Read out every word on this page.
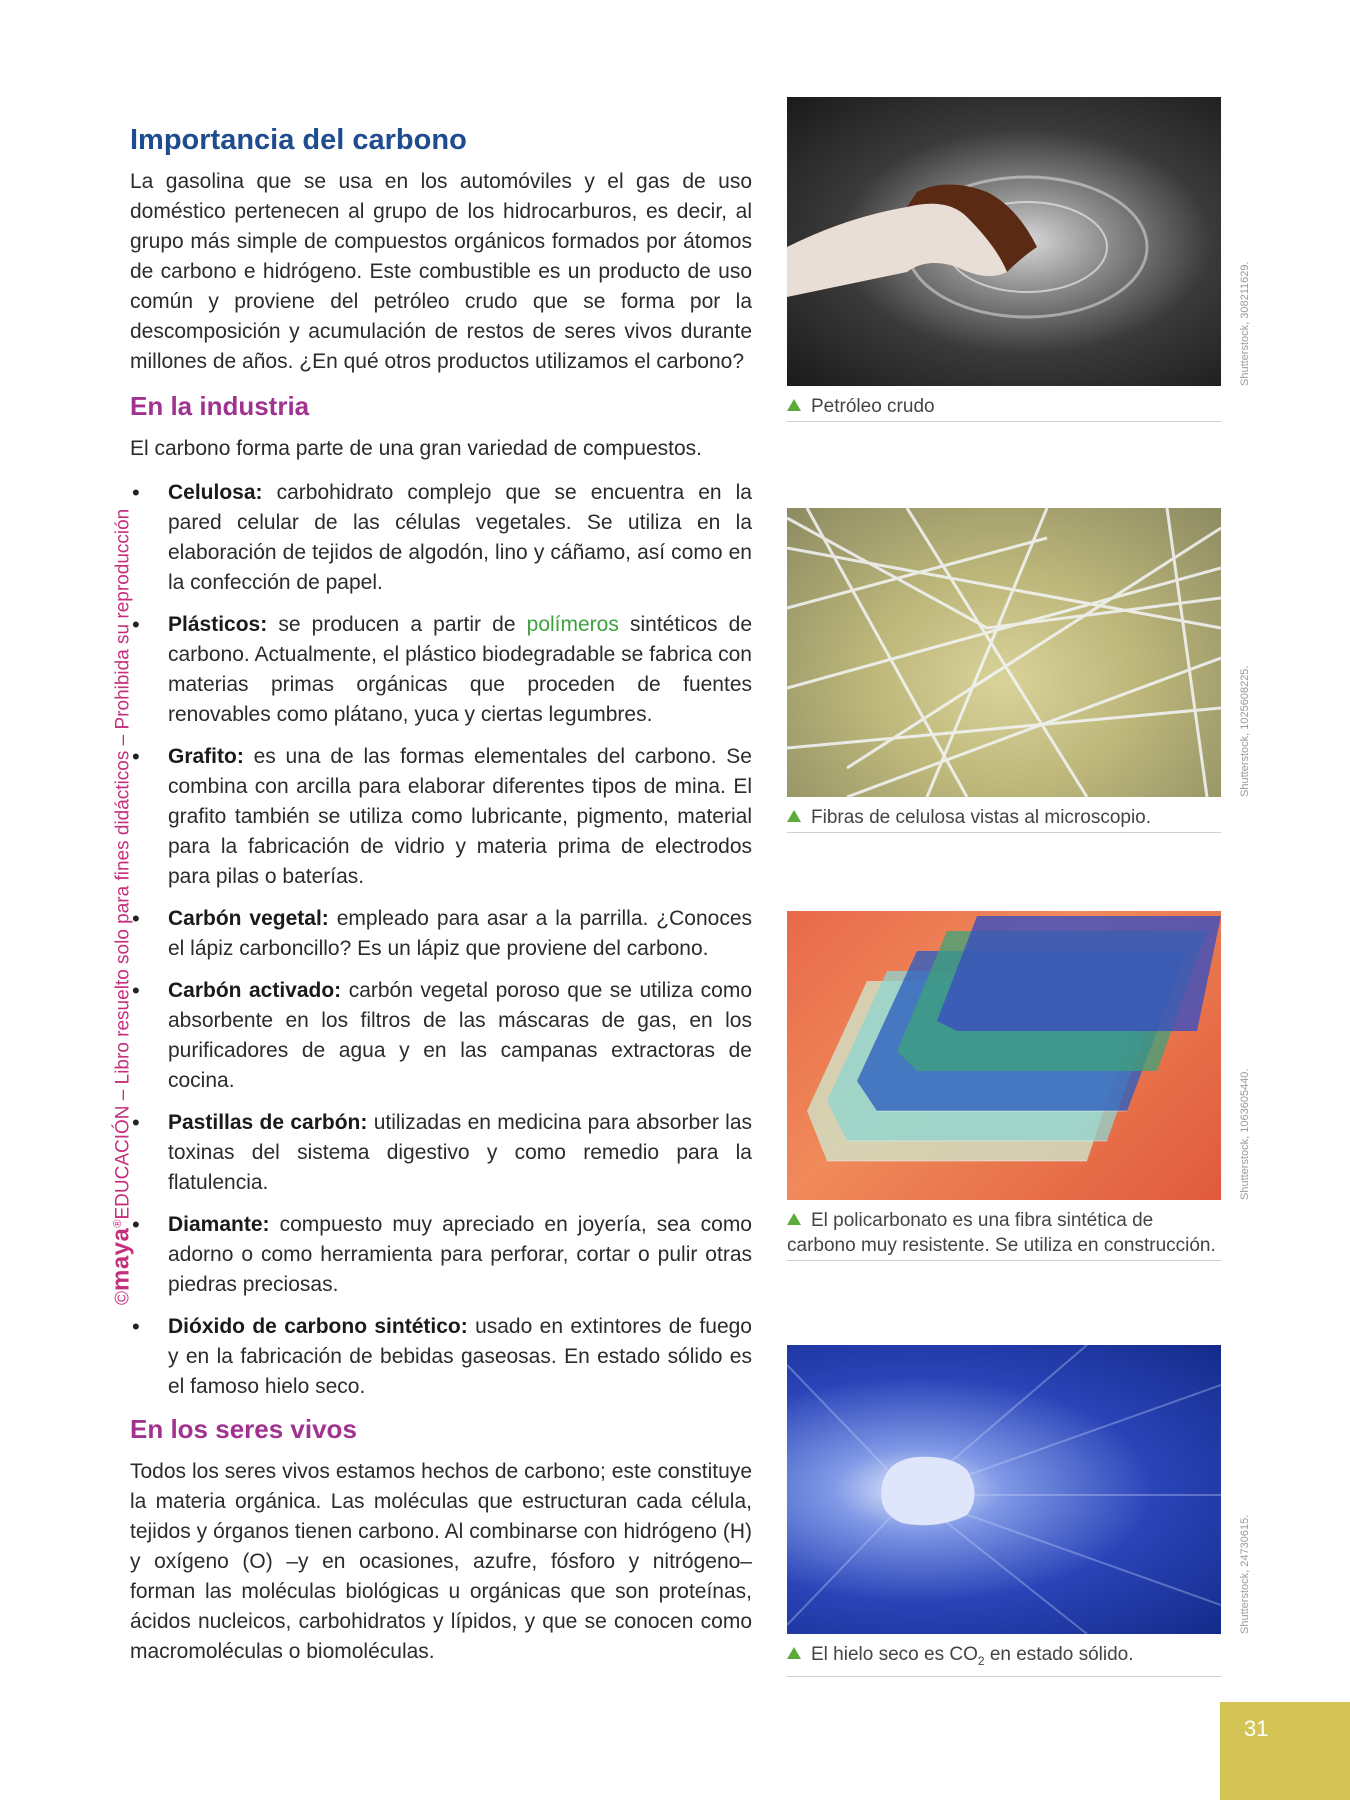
©maya®EDUCACIÓN – Libro resuelto solo para fines didácticos – Prohibida su reproducción
Importancia del carbono

La gasolina que se usa en los automóviles y el gas de uso doméstico pertenecen al grupo de los hidrocarburos, es decir, al grupo más simple de compuestos orgánicos formados por átomos de carbono e hidrógeno. Este combustible es un producto de uso común y proviene del petróleo crudo que se forma por la descomposición y acumulación de restos de seres vivos durante millones de años. ¿En qué otros productos utilizamos el carbono?

En la industria

El carbono forma parte de una gran variedad de compuestos.

• Celulosa: carbohidrato complejo que se encuentra en la pared celular de las células vegetales. Se utiliza en la elaboración de tejidos de algodón, lino y cáñamo, así como en la confección de papel.
• Plásticos: se producen a partir de polímeros sintéticos de carbono. Actualmente, el plástico biodegradable se fabrica con materias primas orgánicas que proceden de fuentes renovables como plátano, yuca y ciertas legumbres.
• Grafito: es una de las formas elementales del carbono. Se combina con arcilla para elaborar diferentes tipos de mina. El grafito también se utiliza como lubricante, pigmento, material para la fabricación de vidrio y materia prima de electrodos para pilas o baterías.
• Carbón vegetal: empleado para asar a la parrilla. ¿Conoces el lápiz carboncillo? Es un lápiz que proviene del carbono.
• Carbón activado: carbón vegetal poroso que se utiliza como absorbente en los filtros de las máscaras de gas, en los purificadores de agua y en las campanas extractoras de cocina.
• Pastillas de carbón: utilizadas en medicina para absorber las toxinas del sistema digestivo y como remedio para la flatulencia.
• Diamante: compuesto muy apreciado en joyería, sea como adorno o como herramienta para perforar, cortar o pulir otras piedras preciosas.
• Dióxido de carbono sintético: usado en extintores de fuego y en la fabricación de bebidas gaseosas. En estado sólido es el famoso hielo seco.
En los seres vivos

Todos los seres vivos estamos hechos de carbono; este constituye la materia orgánica. Las moléculas que estructuran cada célula, tejidos y órganos tienen carbono. Al combinarse con hidrógeno (H) y oxígeno (O) –y en ocasiones, azufre, fósforo y nitrógeno– forman las moléculas biológicas u orgánicas que son proteínas, ácidos nucleicos, carbohidratos y lípidos, y que se conocen como macromoléculas o biomoléculas.

Petróleo crudo
Shutterstock, 308211629.
Fibras de celulosa vistas al microscopio.
Shutterstock, 1025608225.
El policarbonato es una fibra sintética de carbono muy resistente. Se utiliza en construcción.
Shutterstock, 1063605440.
El hielo seco es $CO_2$ en estado sólido.
Shutterstock, 24730615.
31
